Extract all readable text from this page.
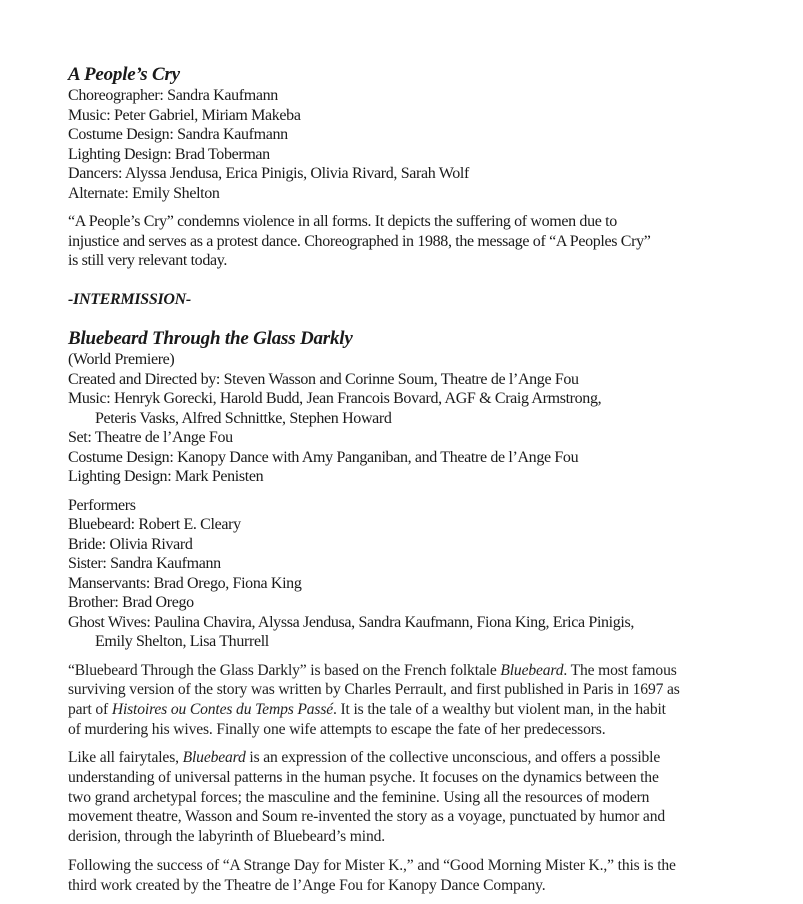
A People’s Cry

Choreographer: Sandra Kaufmann

Music: Peter Gabriel, Miriam Makeba

Costume Design: Sandra Kaufmann

Lighting Design: Brad Toberman

Dancers: Alyssa Jendusa, Erica Pinigis, Olivia Rivard, Sarah Wolf

Alternate: Emily Shelton

“A People’s Cry” condemns violence in all forms. It depicts the suffering of women due to

injustice and serves as a protest dance. Choreographed in 1988, the message of “A Peoples Cry”

is still very relevant today.

-INTERMISSION-

Bluebeard Through the Glass Darkly

(World Premiere)

Created and Directed by: Steven Wasson and Corinne Soum, Theatre de l’Ange Fou

Music: Henryk Gorecki, Harold Budd, Jean Francois Bovard, AGF & Craig Armstrong,

Peteris Vasks, Alfred Schnittke, Stephen Howard

Set: Theatre de l’Ange Fou

Costume Design: Kanopy Dance with Amy Panganiban, and Theatre de l’Ange Fou

Lighting Design: Mark Penisten

Performers

Bluebeard: Robert E. Cleary

Bride: Olivia Rivard

Sister: Sandra Kaufmann

Manservants: Brad Orego, Fiona King

Brother: Brad Orego

Ghost Wives: Paulina Chavira, Alyssa Jendusa, Sandra Kaufmann, Fiona King, Erica Pinigis,

Emily Shelton, Lisa Thurrell

“Bluebeard Through the Glass Darkly” is based on the French folktale Bluebeard. The most famous

surviving version of the story was written by Charles Perrault, and first published in Paris in 1697 as

part of Histoires ou Contes du Temps Passé. It is the tale of a wealthy but violent man, in the habit

of murdering his wives. Finally one wife attempts to escape the fate of her predecessors.

Like all fairytales, Bluebeard is an expression of the collective unconscious, and offers a possible

understanding of universal patterns in the human psyche. It focuses on the dynamics between the

two grand archetypal forces; the masculine and the feminine. Using all the resources of modern

movement theatre, Wasson and Soum re-invented the story as a voyage, punctuated by humor and

derision, through the labyrinth of Bluebeard’s mind.

Following the success of “A Strange Day for Mister K.,” and “Good Morning Mister K.,” this is the

third work created by the Theatre de l’Ange Fou for Kanopy Dance Company.
